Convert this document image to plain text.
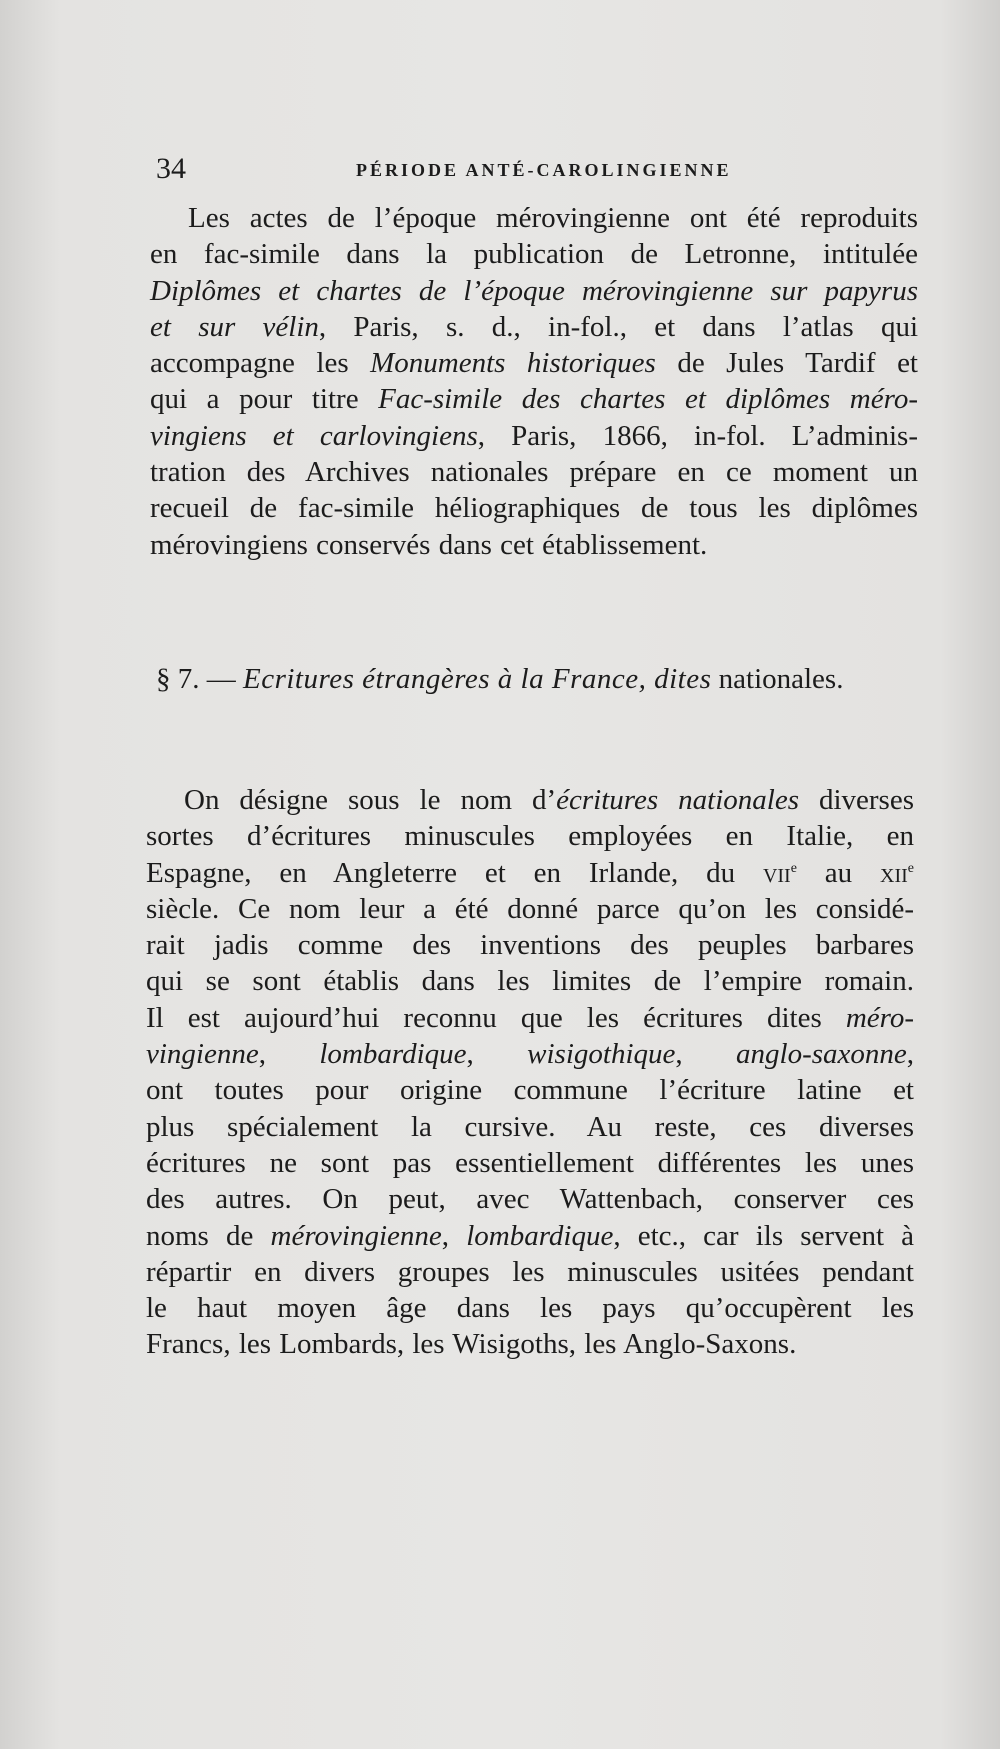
34	PÉRIODE ANTÉ-CAROLINGIENNE
Les actes de l’époque mérovingienne ont été reproduits
en fac-simile dans la publication de Letronne, intitulée
Diplômes et chartes de l’époque mérovingienne sur papyrus
et sur vélin, Paris, s. d., in-fol., et dans l’atlas qui
accompagne les Monuments historiques de Jules Tardif et
qui a pour titre Fac-simile des chartes et diplômes méro-
vingiens et carlovingiens, Paris, 1866, in-fol. L’adminis-
tration des Archives nationales prépare en ce moment un
recueil de fac-simile héliographiques de tous les diplômes
mérovingiens conservés dans cet établissement.
§ 7. — Ecritures étrangères à la France, dites nationales.
On désigne sous le nom d’écritures nationales diverses
sortes d’écritures minuscules employées en Italie, en
Espagne, en Angleterre et en Irlande, du vii$^e$ au xii$^e$
siècle. Ce nom leur a été donné parce qu’on les considé-
rait jadis comme des inventions des peuples barbares
qui se sont établis dans les limites de l’empire romain.
Il est aujourd’hui reconnu que les écritures dites méro-
vingienne, lombardique, wisigothique, anglo-saxonne,
ont toutes pour origine commune l’écriture latine et
plus spécialement la cursive. Au reste, ces diverses
écritures ne sont pas essentiellement différentes les unes
des autres. On peut, avec Wattenbach, conserver ces
noms de mérovingienne, lombardique, etc., car ils servent à
répartir en divers groupes les minuscules usitées pendant
le haut moyen âge dans les pays qu’occupèrent les
Francs, les Lombards, les Wisigoths, les Anglo-Saxons.
